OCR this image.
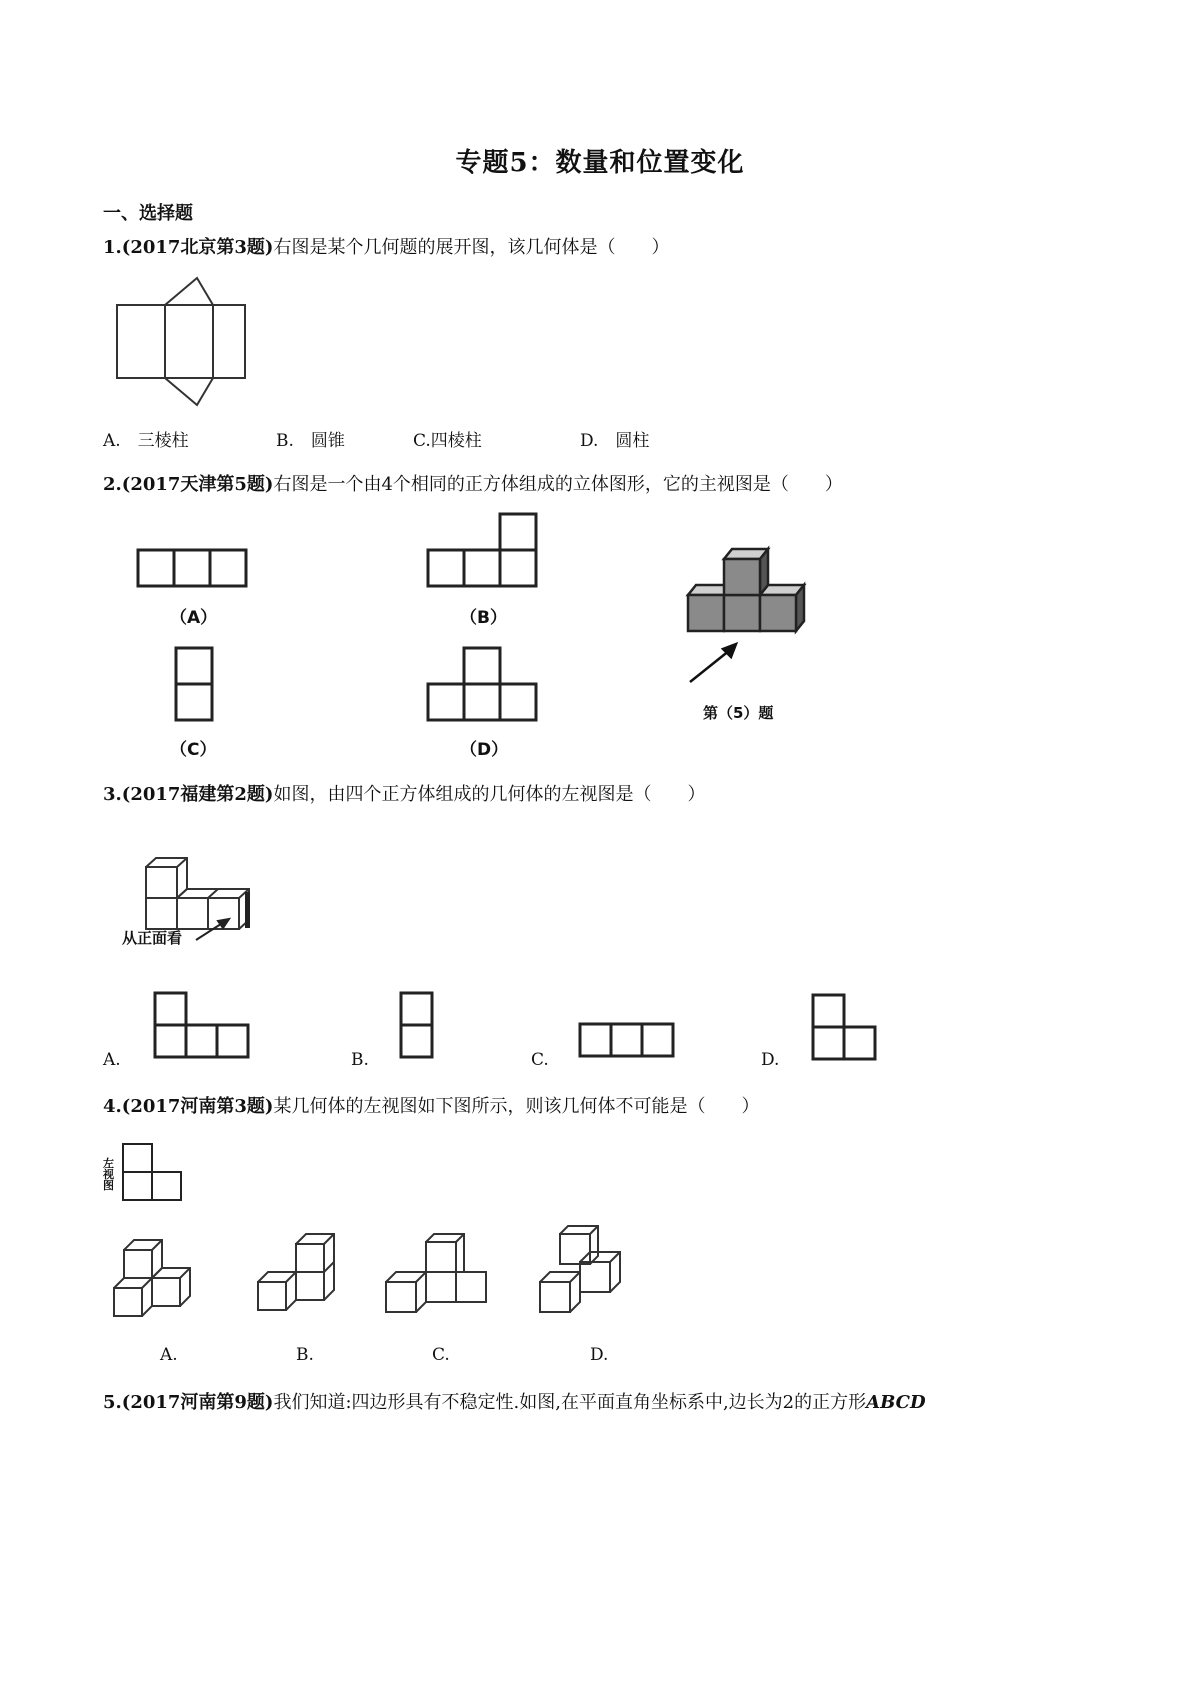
专题5：数量和位置变化
一、选择题
1.(2017北京第3题)右图是某个几何题的展开图，该几何体是（　　）
A.　三棱柱	B.　圆锥	C.四棱柱	D.　圆柱
2.(2017天津第5题)右图是一个由4个相同的正方体组成的立体图形，它的主视图是（　　）
（A）	（B）
（C）	（D）
第（5）题
3.(2017福建第2题)如图，由四个正方体组成的几何体的左视图是（　　）
从正面看
A.	B.	C.	D.
4.(2017河南第3题)某几何体的左视图如下图所示，则该几何体不可能是（　　）
左视图
A.	B.	C.	D.
5.(2017河南第9题)我们知道:四边形具有不稳定性.如图,在平面直角坐标系中,边长为2的正方形ABCD
